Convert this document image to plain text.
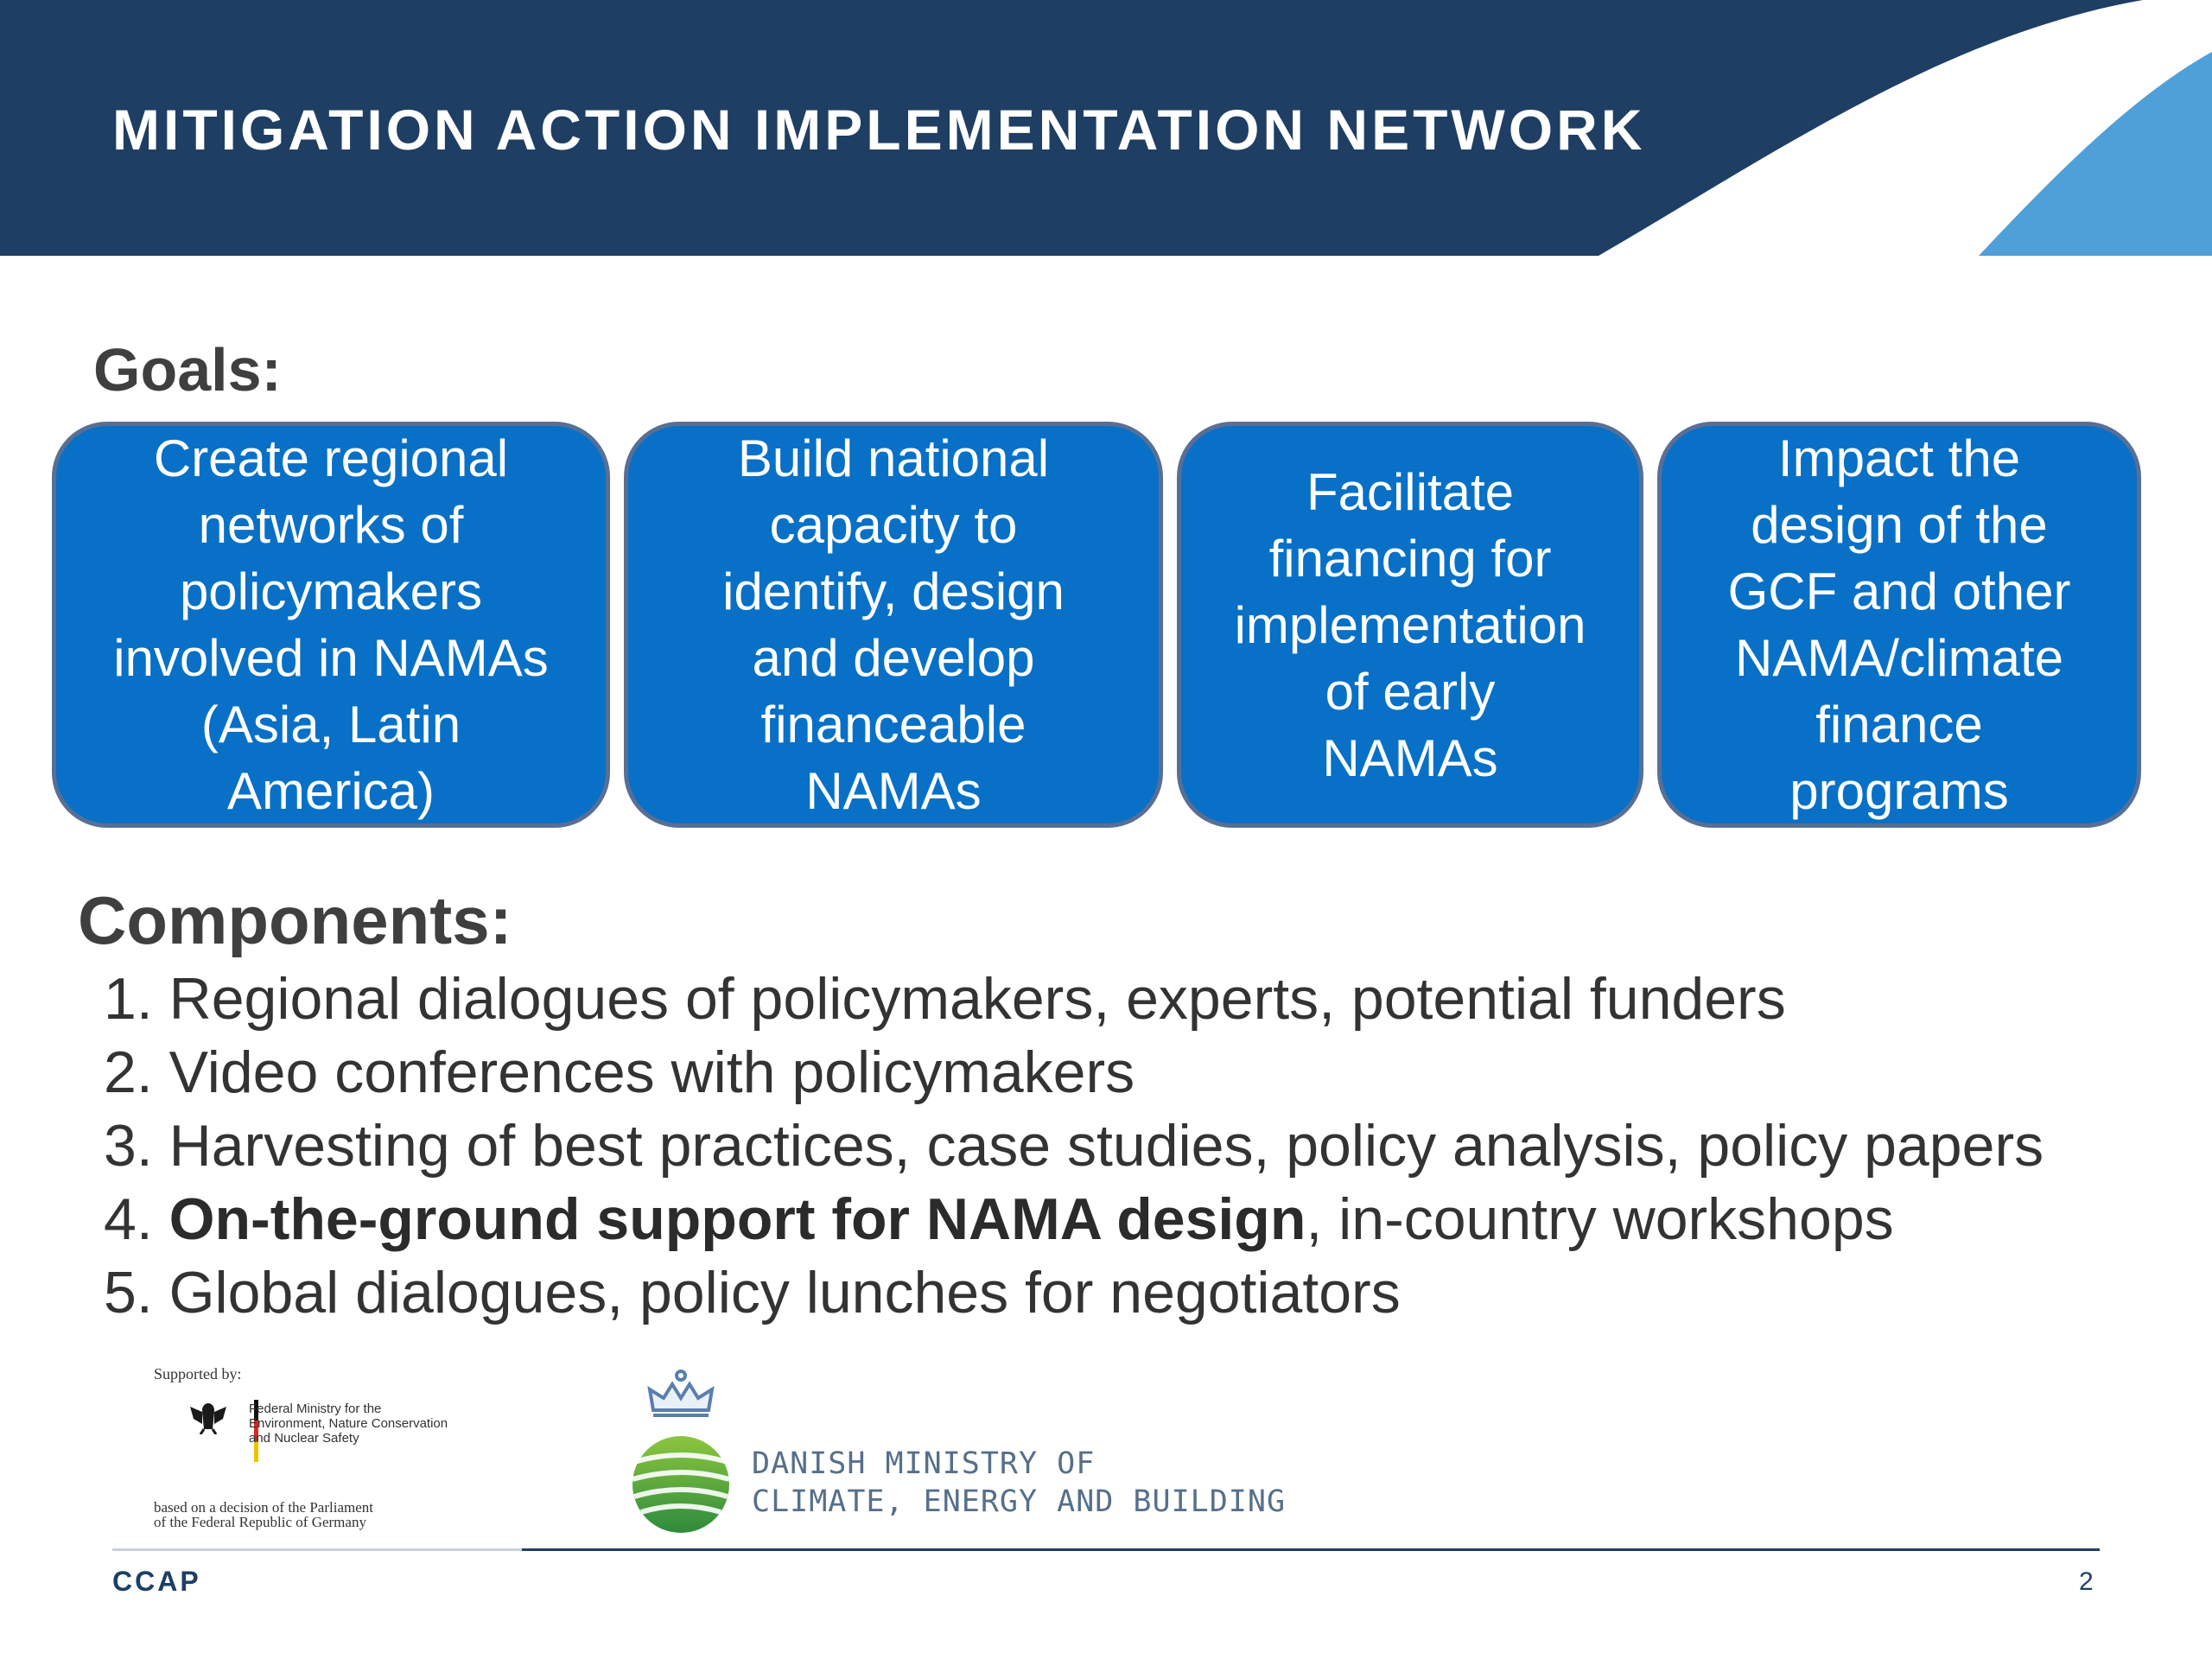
MITIGATION ACTION IMPLEMENTATION NETWORK
Goals:
Create regional
networks of
policymakers
involved in NAMAs
(Asia, Latin
America)
Build national
capacity to
identify, design
and develop
financeable
NAMAs
Facilitate
financing for
implementation
of early
NAMAs
Impact the
design of the
GCF and other
NAMA/climate
finance
programs
Components:
1. Regional dialogues of policymakers, experts, potential funders
2. Video conferences with policymakers
3. Harvesting of best practices, case studies, policy analysis, policy papers
4. On-the-ground support for NAMA design, in-country workshops
5. Global dialogues, policy lunches for negotiators
Supported by:
Federal Ministry for the
Environment, Nature Conservation
and Nuclear Safety
based on a decision of the Parliament
of the Federal Republic of Germany
DANISH MINISTRY OF
CLIMATE, ENERGY AND BUILDING
CCAP	2
